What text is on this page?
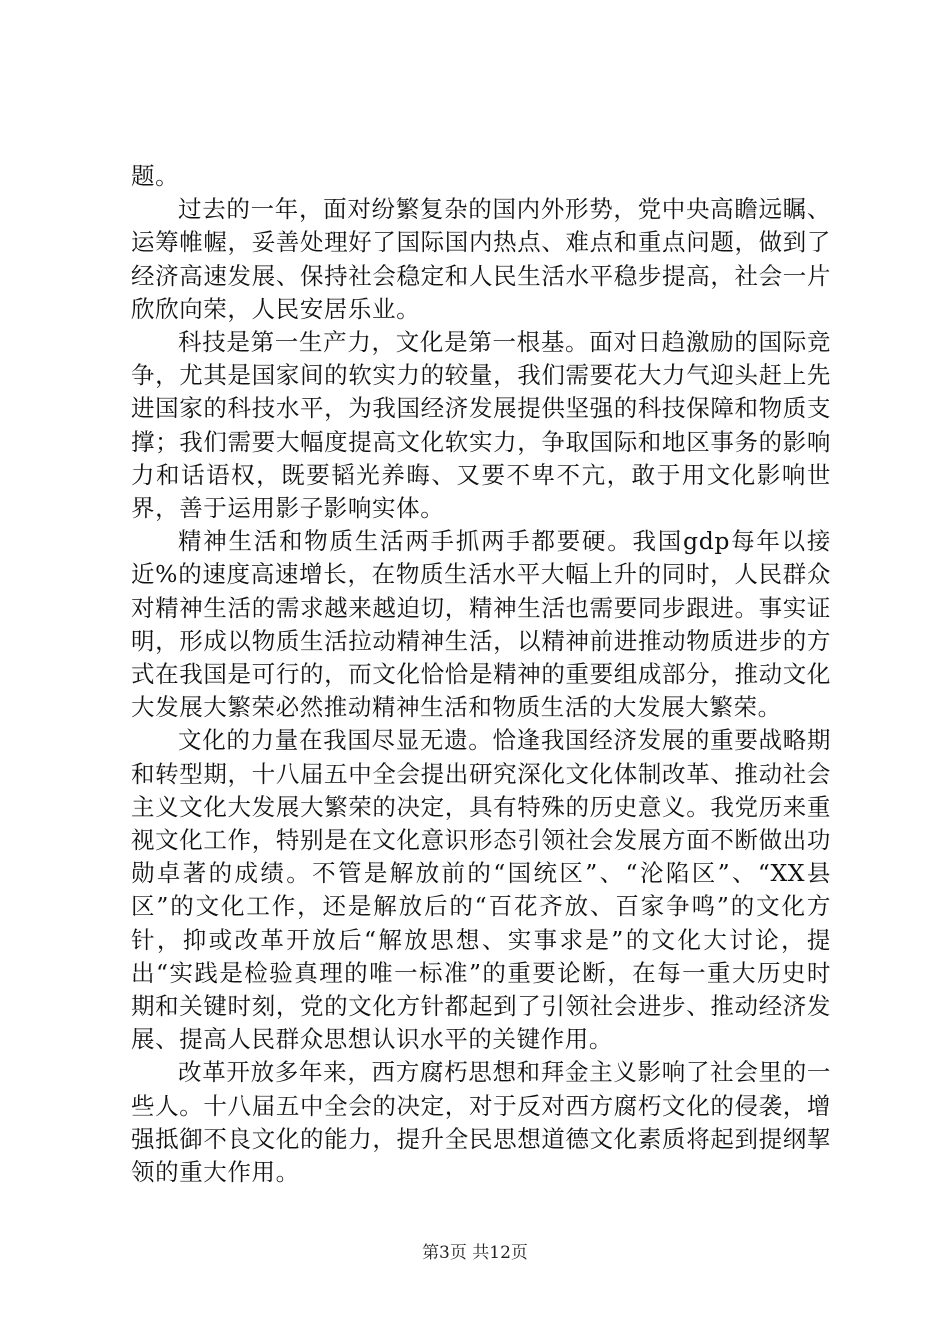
题。

过去的一年，面对纷繁复杂的国内外形势，党中央高瞻远瞩、运筹帷幄，妥善处理好了国际国内热点、难点和重点问题，做到了经济高速发展、保持社会稳定和人民生活水平稳步提高，社会一片欣欣向荣，人民安居乐业。

科技是第一生产力，文化是第一根基。面对日趋激励的国际竞争，尤其是国家间的软实力的较量，我们需要花大力气迎头赶上先进国家的科技水平，为我国经济发展提供坚强的科技保障和物质支撑；我们需要大幅度提高文化软实力，争取国际和地区事务的影响力和话语权，既要韬光养晦、又要不卑不亢，敢于用文化影响世界，善于运用影子影响实体。

精神生活和物质生活两手抓两手都要硬。我国gdp每年以接近%的速度高速增长，在物质生活水平大幅上升的同时，人民群众对精神生活的需求越来越迫切，精神生活也需要同步跟进。事实证明，形成以物质生活拉动精神生活，以精神前进推动物质进步的方式在我国是可行的，而文化恰恰是精神的重要组成部分，推动文化大发展大繁荣必然推动精神生活和物质生活的大发展大繁荣。

文化的力量在我国尽显无遗。恰逢我国经济发展的重要战略期和转型期，十八届五中全会提出研究深化文化体制改革、推动社会主义文化大发展大繁荣的决定，具有特殊的历史意义。我党历来重视文化工作，特别是在文化意识形态引领社会发展方面不断做出功勋卓著的成绩。不管是解放前的“国统区”、“沦陷区”、“XX县区”的文化工作，还是解放后的“百花齐放、百家争鸣”的文化方针，抑或改革开放后“解放思想、实事求是”的文化大讨论，提出“实践是检验真理的唯一标准”的重要论断，在每一重大历史时期和关键时刻，党的文化方针都起到了引领社会进步、推动经济发展、提高人民群众思想认识水平的关键作用。

改革开放多年来，西方腐朽思想和拜金主义影响了社会里的一些人。十八届五中全会的决定，对于反对西方腐朽文化的侵袭，增强抵御不良文化的能力，提升全民思想道德文化素质将起到提纲挈领的重大作用。

第3页 共12页
